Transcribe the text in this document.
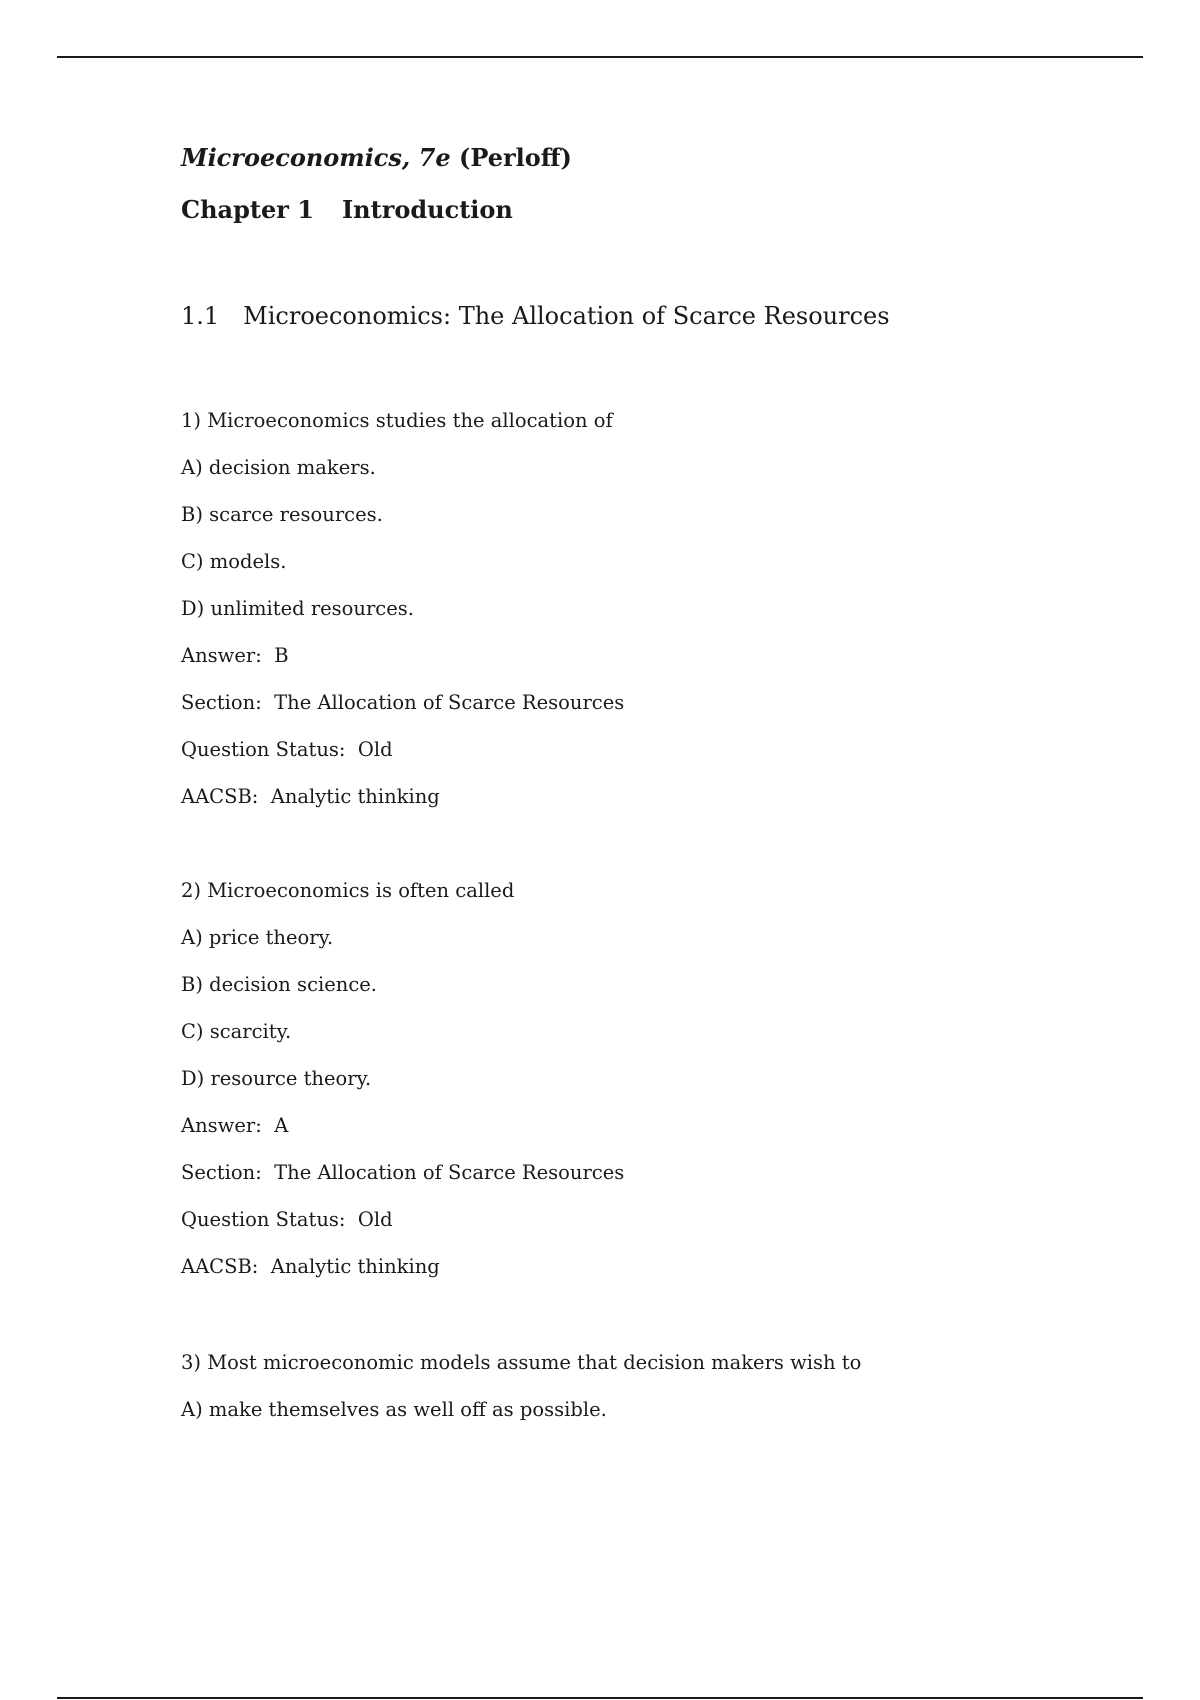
Microeconomics, 7e (Perloff)
Chapter 1 Introduction
1.1 Microeconomics: The Allocation of Scarce Resources
1) Microeconomics studies the allocation of
A) decision makers.
B) scarce resources.
C) models.
D) unlimited resources.
Answer: B
Section: The Allocation of Scarce Resources
Question Status: Old
AACSB: Analytic thinking
2) Microeconomics is often called
A) price theory.
B) decision science.
C) scarcity.
D) resource theory.
Answer: A
Section: The Allocation of Scarce Resources
Question Status: Old
AACSB: Analytic thinking
3) Most microeconomic models assume that decision makers wish to
A) make themselves as well off as possible.
